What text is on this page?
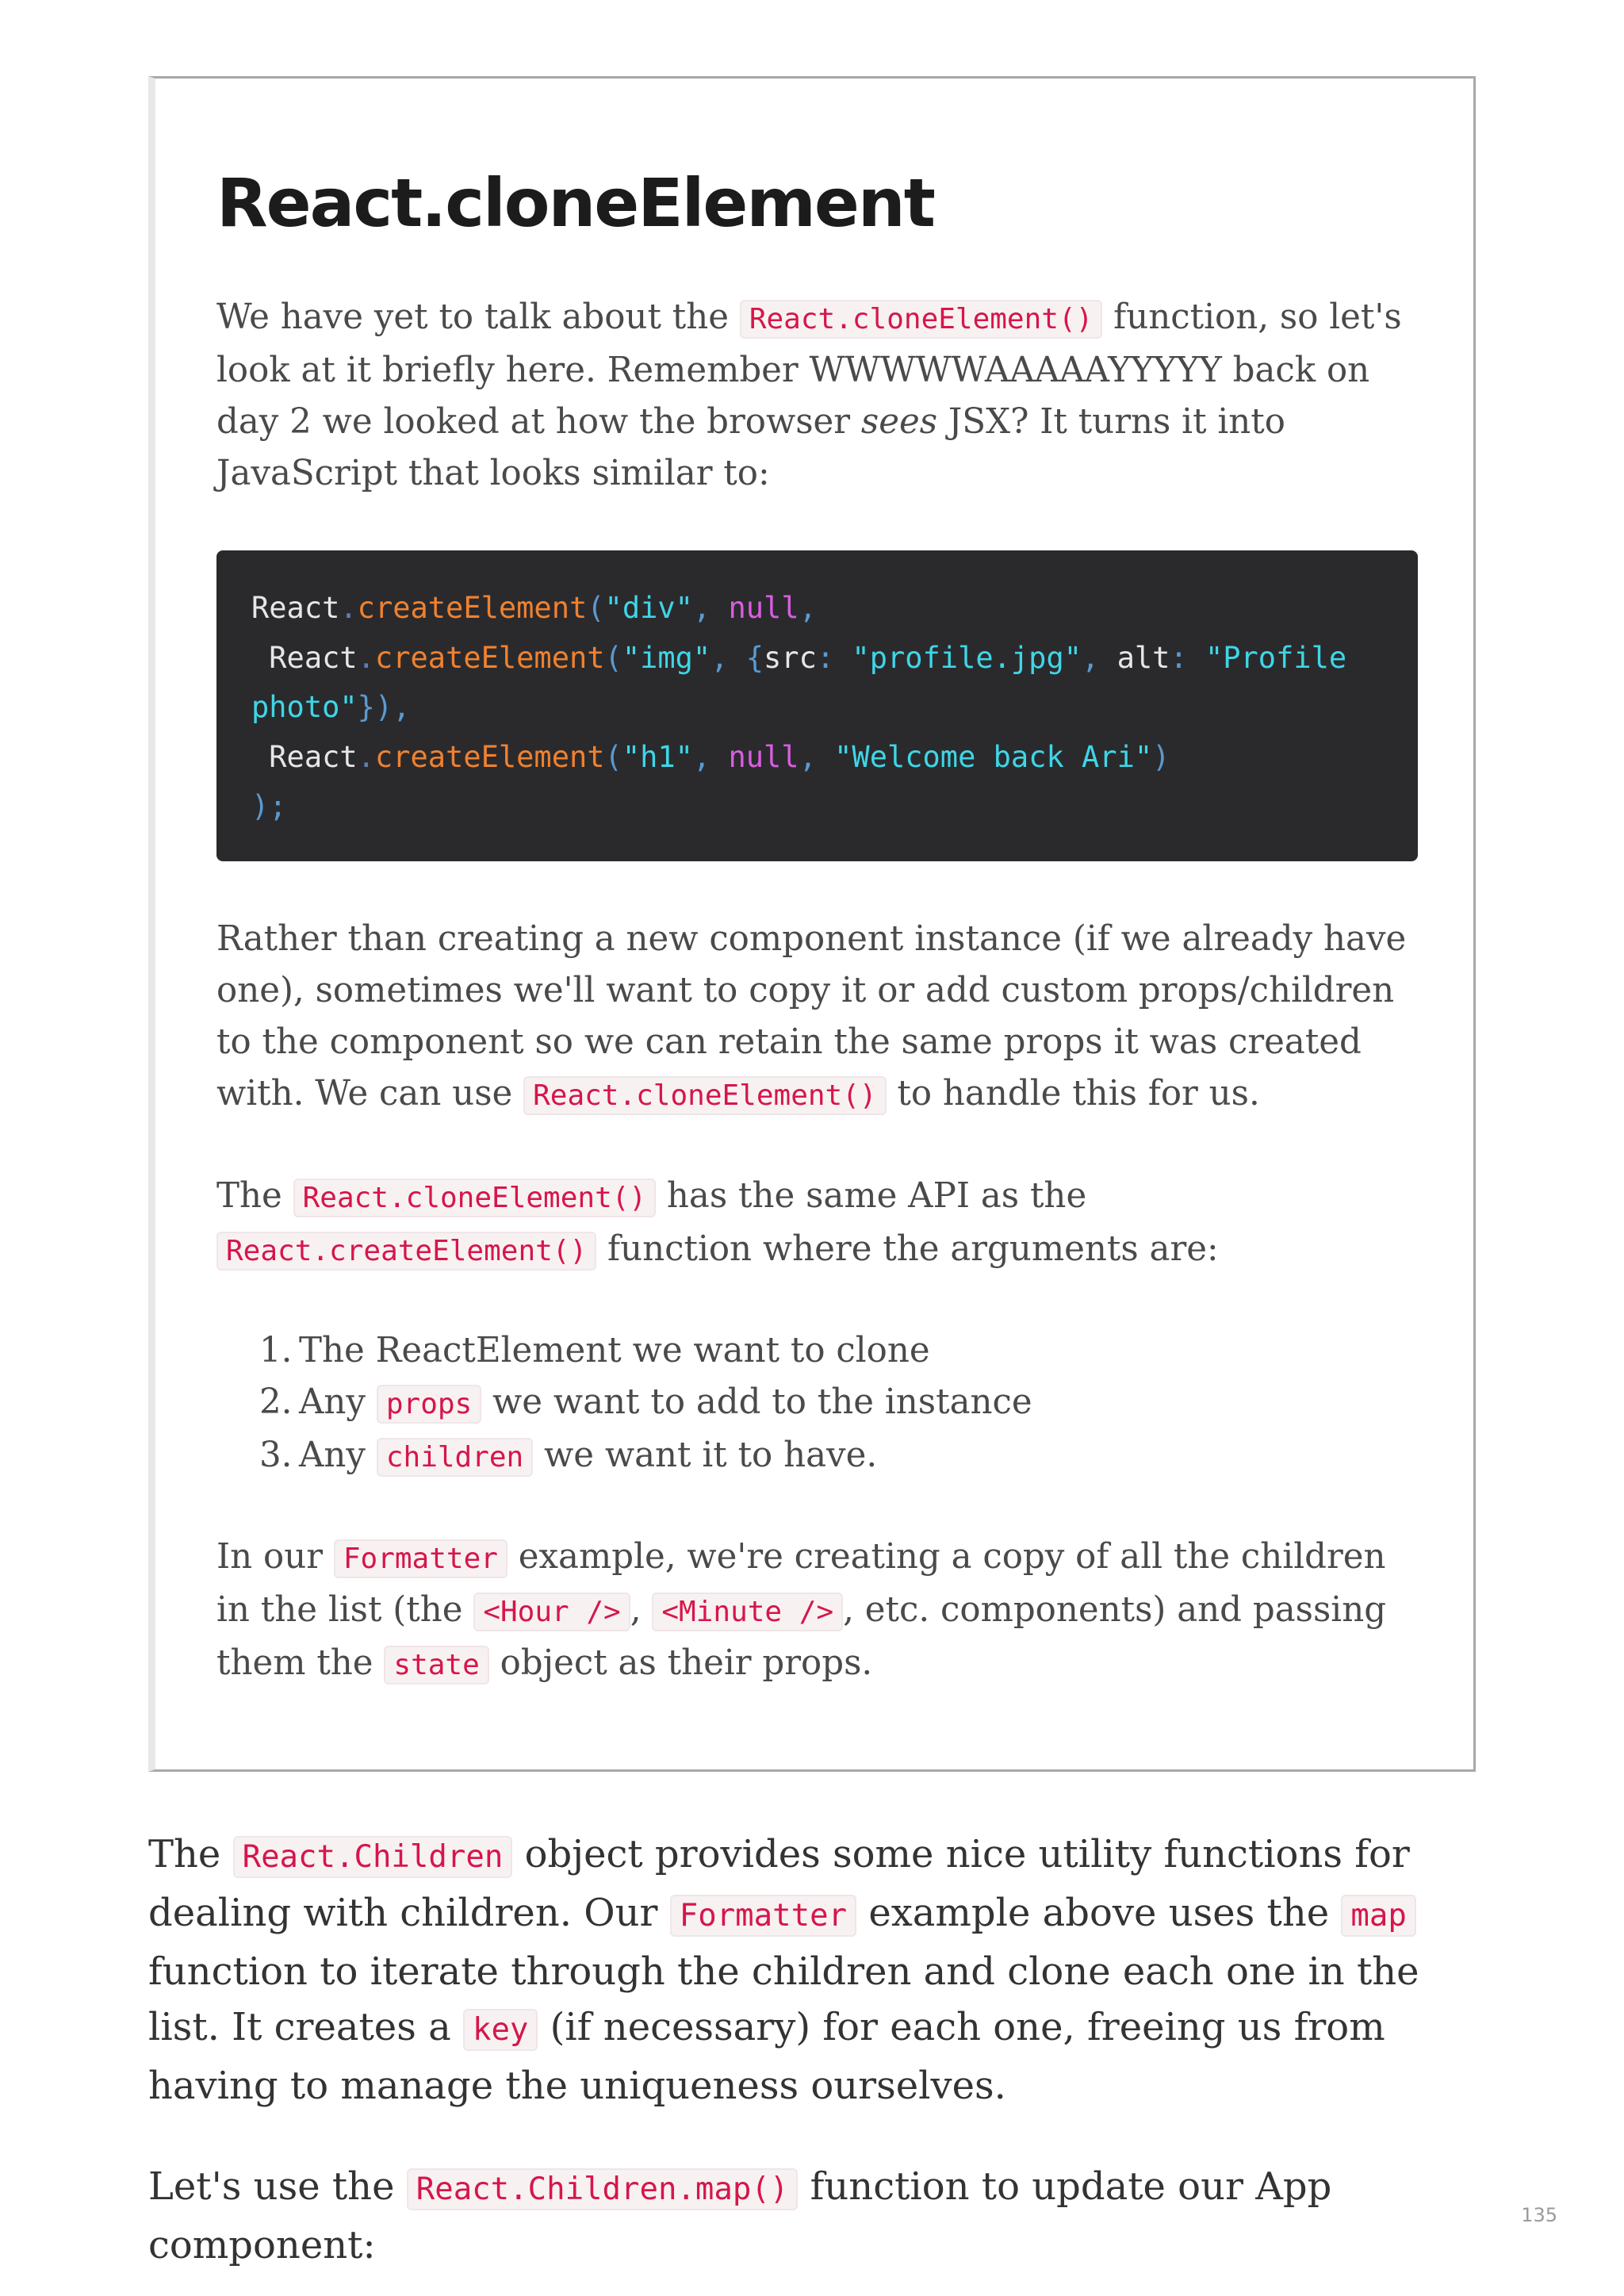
React.cloneElement

We have yet to talk about the React.cloneElement() function, so let's look at it briefly here. Remember WWWWWAAAAAYYYYY back on day 2 we looked at how the browser sees JSX? It turns it into JavaScript that looks similar to:

React.createElement("div", null,
React.createElement("img", {src: "profile.jpg", alt: "Profile
photo"}),
React.createElement("h1", null, "Welcome back Ari")
);

Rather than creating a new component instance (if we already have one), sometimes we'll want to copy it or add custom props/children to the component so we can retain the same props it was created with. We can use React.cloneElement() to handle this for us.

The React.cloneElement() has the same API as the
React.createElement() function where the arguments are:

1. The ReactElement we want to clone
2. Any props we want to add to the instance
3. Any children we want it to have.

In our Formatter example, we're creating a copy of all the children in the list (the <Hour /> , <Minute /> , etc. components) and passing them the state object as their props.

The React.Children object provides some nice utility functions for dealing with children. Our Formatter example above uses the map function to iterate through the children and clone each one in the list. It creates a key (if necessary) for each one, freeing us from having to manage the uniqueness ourselves.

Let's use the React.Children.map() function to update our App component:

135
